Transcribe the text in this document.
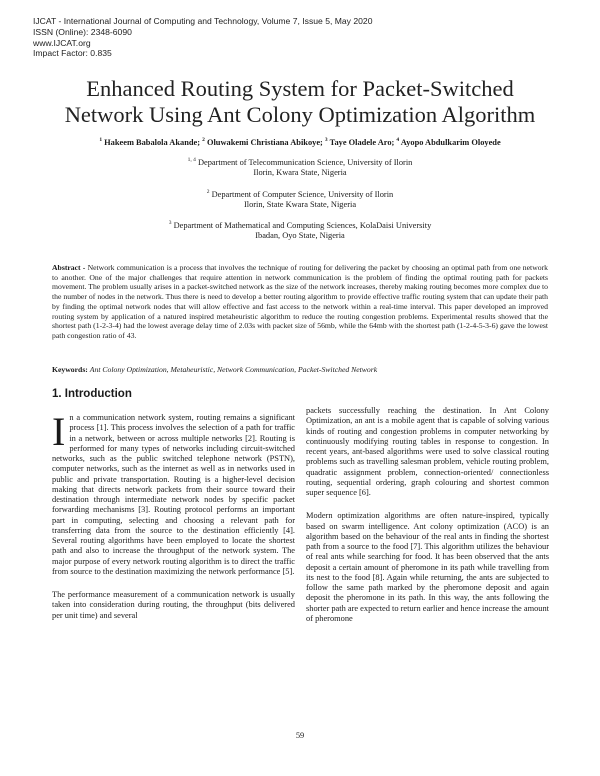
IJCAT - International Journal of Computing and Technology, Volume 7, Issue 5, May 2020
ISSN (Online): 2348-6090
www.IJCAT.org
Impact Factor: 0.835
Enhanced Routing System for Packet-Switched
Network Using Ant Colony Optimization Algorithm
$^1$ Hakeem Babalola Akande; $^2$ Oluwakemi Christiana Abikoye; $^3$ Taye Oladele Aro; $^4$ Ayopo Abdulkarim Oloyede
$^{1, 4}$ Department of Telecommunication Science, University of Ilorin
Ilorin, Kwara State, Nigeria
$^2$ Department of Computer Science, University of Ilorin
Ilorin, State Kwara State, Nigeria
$^3$ Department of Mathematical and Computing Sciences, KolaDaisi University
Ibadan, Oyo State, Nigeria
Abstract - Network communication is a process that involves the technique of routing for delivering the packet by choosing an optimal path from one network to another. One of the major challenges that require attention in network communication is the problem of finding the optimal routing path for packets movement. The problem usually arises in a packet-switched network as the size of the network increases, thereby making routing becomes more complex due to the number of nodes in the network. Thus there is need to develop a better routing algorithm to provide effective traffic routing system that can update their path by finding the optimal network nodes that will allow effective and fast access to the network within a real-time interval. This paper developed an improved routing system by application of a natured inspired metaheuristic algorithm to reduce the routing congestion problems. Experimental results showed that the shortest path (1-2-3-4) had the lowest average delay time of 2.03s with packet size of 56mb, while the 64mb with the shortest path (1-2-4-5-3-6) gave the lowest path congestion ratio of 43.
Keywords: Ant Colony Optimization, Metaheuristic, Network Communication, Packet-Switched Network
1. Introduction

I n a communication network system, routing remains a significant process [1]. This process involves the selection of a path for traffic in a network, between or across multiple networks [2]. Routing is performed for many types of networks including circuit-switched networks, such as the public switched telephone network (PSTN), computer networks, such as the internet as well as in networks used in public and private transportation. Routing is a higher-level decision making that directs network packets from their source toward their destination through intermediate network nodes by specific packet forwarding mechanisms [3]. Routing protocol performs an important part in computing, selecting and choosing a relevant path for transferring data from the source to the destination efficiently [4]. Several routing algorithms have been employed to locate the shortest path and also to increase the throughput of the network system. The major purpose of every network routing algorithm is to direct the traffic from source to the destination maximizing the network performance [5].

The performance measurement of a communication network is usually taken into consideration during routing, the throughput (bits delivered per unit time) and several

packets successfully reaching the destination. In Ant Colony Optimization, an ant is a mobile agent that is capable of solving various kinds of routing and congestion problems in computer networking by continuously modifying routing tables in response to congestion. In recent years, ant-based algorithms were used to solve classical routing problems such as travelling salesman problem, vehicle routing problem, quadratic assignment problem, connection-oriented/ connectionless routing, sequential ordering, graph colouring and shortest common super sequence [6].

Modern optimization algorithms are often nature-inspired, typically based on swarm intelligence. Ant colony optimization (ACO) is an algorithm based on the behaviour of the real ants in finding the shortest path from a source to the food [7]. This algorithm utilizes the behaviour of real ants while searching for food. It has been observed that the ants deposit a certain amount of pheromone in its path while travelling from its nest to the food [8]. Again while returning, the ants are subjected to follow the same path marked by the pheromone deposit and again deposit the pheromone in its path. In this way, the ants following the shorter path are expected to return earlier and hence increase the amount of pheromone

59
